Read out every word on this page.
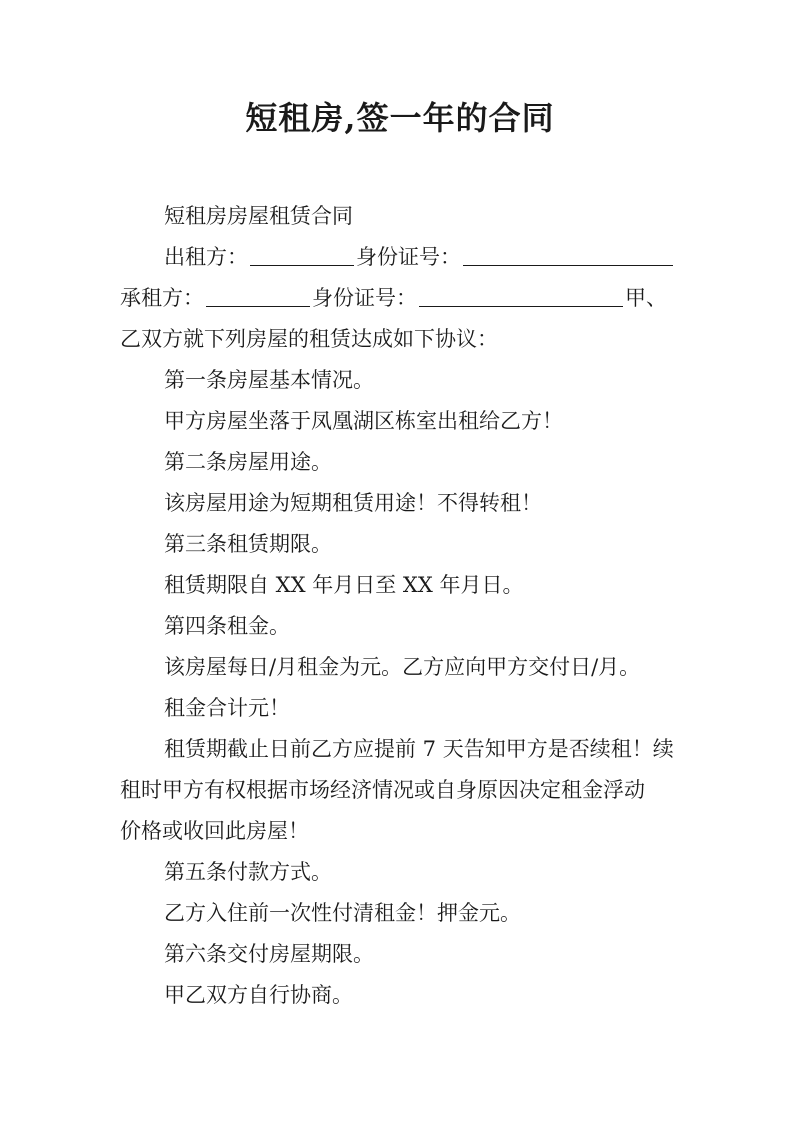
短租房,签一年的合同
短租房房屋租赁合同
出租方：	身份证号：
承租方：	身份证号：	甲、
乙双方就下列房屋的租赁达成如下协议：
第一条房屋基本情况。
甲方房屋坐落于凤凰湖区栋室出租给乙方！
第二条房屋用途。
该房屋用途为短期租赁用途！不得转租！
第三条租赁期限。
租赁期限自 XX 年月日至 XX 年月日。
第四条租金。
该房屋每日/月租金为元。乙方应向甲方交付日/月。
租金合计元！
租赁期截止日前乙方应提前 7 天告知甲方是否续租！续
租时甲方有权根据市场经济情况或自身原因决定租金浮动
价格或收回此房屋！
第五条付款方式。
乙方入住前一次性付清租金！押金元。
第六条交付房屋期限。
甲乙双方自行协商。
